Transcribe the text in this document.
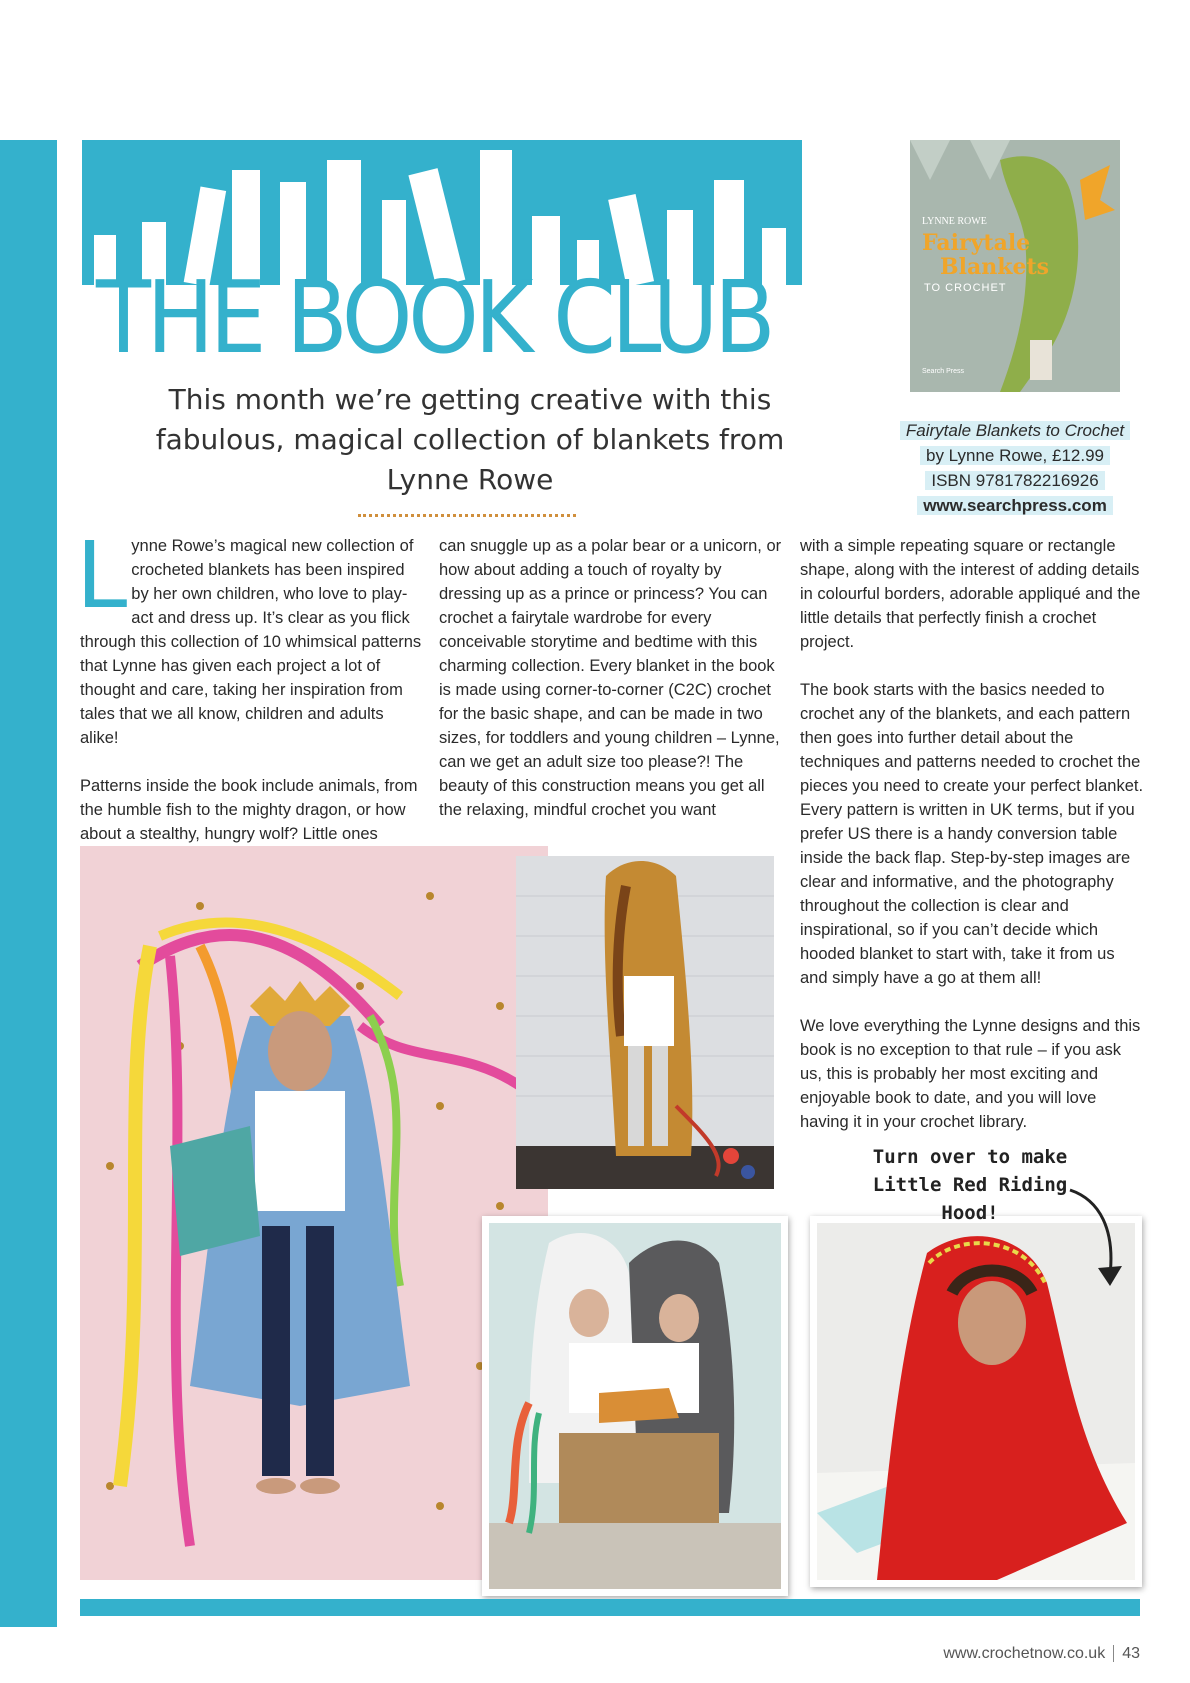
THE BOOK CLUB

This month we’re getting creative with this fabulous, magical collection of blankets from Lynne Rowe

LYNNE ROWE
Fairytale
Blankets
TO CROCHET
Search Press
Fairytale Blankets to Crochet
by Lynne Rowe, £12.99
ISBN 9781782216926
www.searchpress.com

Lynne Rowe’s magical new collection of crocheted blankets has been inspired by her own children, who love to play-act and dress up. It’s clear as you flick through this collection of 10 whimsical patterns that Lynne has given each project a lot of thought and care, taking her inspiration from tales that we all know, children and adults alike!

Patterns inside the book include animals, from the humble fish to the mighty dragon, or how about a stealthy, hungry wolf? Little ones

can snuggle up as a polar bear or a unicorn, or how about adding a touch of royalty by dressing up as a prince or princess? You can crochet a fairytale wardrobe for every conceivable storytime and bedtime with this charming collection. Every blanket in the book is made using corner-to-corner (C2C) crochet for the basic shape, and can be made in two sizes, for toddlers and young children – Lynne, can we get an adult size too please?! The beauty of this construction means you get all the relaxing, mindful crochet you want

with a simple repeating square or rectangle shape, along with the interest of adding details in colourful borders, adorable appliqué and the little details that perfectly finish a crochet project.

The book starts with the basics needed to crochet any of the blankets, and each pattern then goes into further detail about the techniques and patterns needed to crochet the pieces you need to create your perfect blanket. Every pattern is written in UK terms, but if you prefer US there is a handy conversion table inside the back flap. Step-by-step images are clear and informative, and the photography throughout the collection is clear and inspirational, so if you can’t decide which hooded blanket to start with, take it from us and simply have a go at them all!

We love everything the Lynne designs and this book is no exception to that rule – if you ask us, this is probably her most exciting and enjoyable book to date, and you will love having it in your crochet library.

Turn over to make
Little Red Riding Hood!
www.crochetnow.co.uk 43
